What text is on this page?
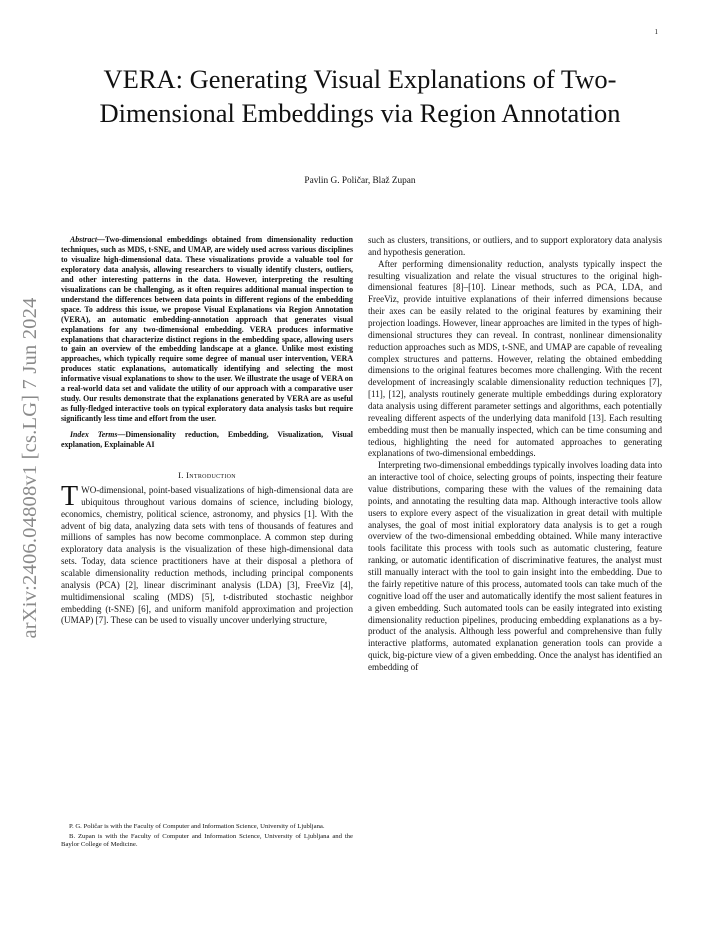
1
arXiv:2406.04808v1 [cs.LG] 7 Jun 2024
VERA: Generating Visual Explanations of Two-Dimensional Embeddings via Region Annotation
Pavlin G. Poličar, Blaž Zupan

Abstract—Two-dimensional embeddings obtained from dimensionality reduction techniques, such as MDS, t-SNE, and UMAP, are widely used across various disciplines to visualize high-dimensional data. These visualizations provide a valuable tool for exploratory data analysis, allowing researchers to visually identify clusters, outliers, and other interesting patterns in the data. However, interpreting the resulting visualizations can be challenging, as it often requires additional manual inspection to understand the differences between data points in different regions of the embedding space. To address this issue, we propose Visual Explanations via Region Annotation (VERA), an automatic embedding-annotation approach that generates visual explanations for any two-dimensional embedding. VERA produces informative explanations that characterize distinct regions in the embedding space, allowing users to gain an overview of the embedding landscape at a glance. Unlike most existing approaches, which typically require some degree of manual user intervention, VERA produces static explanations, automatically identifying and selecting the most informative visual explanations to show to the user. We illustrate the usage of VERA on a real-world data set and validate the utility of our approach with a comparative user study. Our results demonstrate that the explanations generated by VERA are as useful as fully-fledged interactive tools on typical exploratory data analysis tasks but require significantly less time and effort from the user.

Index Terms—Dimensionality reduction, Embedding, Visualization, Visual explanation, Explainable AI

I. Introduction

TWO-dimensional, point-based visualizations of high-dimensional data are ubiquitous throughout various domains of science, including biology, economics, chemistry, political science, astronomy, and physics [1]. With the advent of big data, analyzing data sets with tens of thousands of features and millions of samples has now become commonplace. A common step during exploratory data analysis is the visualization of these high-dimensional data sets. Today, data science practitioners have at their disposal a plethora of scalable dimensionality reduction methods, including principal components analysis (PCA) [2], linear discriminant analysis (LDA) [3], FreeViz [4], multidimensional scaling (MDS) [5], t-distributed stochastic neighbor embedding (t-SNE) [6], and uniform manifold approximation and projection (UMAP) [7]. These can be used to visually uncover underlying structure,

P. G. Poličar is with the Faculty of Computer and Information Science, University of Ljubljana.

B. Zupan is with the Faculty of Computer and Information Science, University of Ljubljana and the Baylor College of Medicine.

such as clusters, transitions, or outliers, and to support exploratory data analysis and hypothesis generation.

After performing dimensionality reduction, analysts typically inspect the resulting visualization and relate the visual structures to the original high-dimensional features [8]–[10]. Linear methods, such as PCA, LDA, and FreeViz, provide intuitive explanations of their inferred dimensions because their axes can be easily related to the original features by examining their projection loadings. However, linear approaches are limited in the types of high-dimensional structures they can reveal. In contrast, nonlinear dimensionality reduction approaches such as MDS, t-SNE, and UMAP are capable of revealing complex structures and patterns. However, relating the obtained embedding dimensions to the original features becomes more challenging. With the recent development of increasingly scalable dimensionality reduction techniques [7], [11], [12], analysts routinely generate multiple embeddings during exploratory data analysis using different parameter settings and algorithms, each potentially revealing different aspects of the underlying data manifold [13]. Each resulting embedding must then be manually inspected, which can be time consuming and tedious, highlighting the need for automated approaches to generating explanations of two-dimensional embeddings.

Interpreting two-dimensional embeddings typically involves loading data into an interactive tool of choice, selecting groups of points, inspecting their feature value distributions, comparing these with the values of the remaining data points, and annotating the resulting data map. Although interactive tools allow users to explore every aspect of the visualization in great detail with multiple analyses, the goal of most initial exploratory data analysis is to get a rough overview of the two-dimensional embedding obtained. While many interactive tools facilitate this process with tools such as automatic clustering, feature ranking, or automatic identification of discriminative features, the analyst must still manually interact with the tool to gain insight into the embedding. Due to the fairly repetitive nature of this process, automated tools can take much of the cognitive load off the user and automatically identify the most salient features in a given embedding. Such automated tools can be easily integrated into existing dimensionality reduction pipelines, producing embedding explanations as a by-product of the analysis. Although less powerful and comprehensive than fully interactive platforms, automated explanation generation tools can provide a quick, big-picture view of a given embedding. Once the analyst has identified an embedding of
